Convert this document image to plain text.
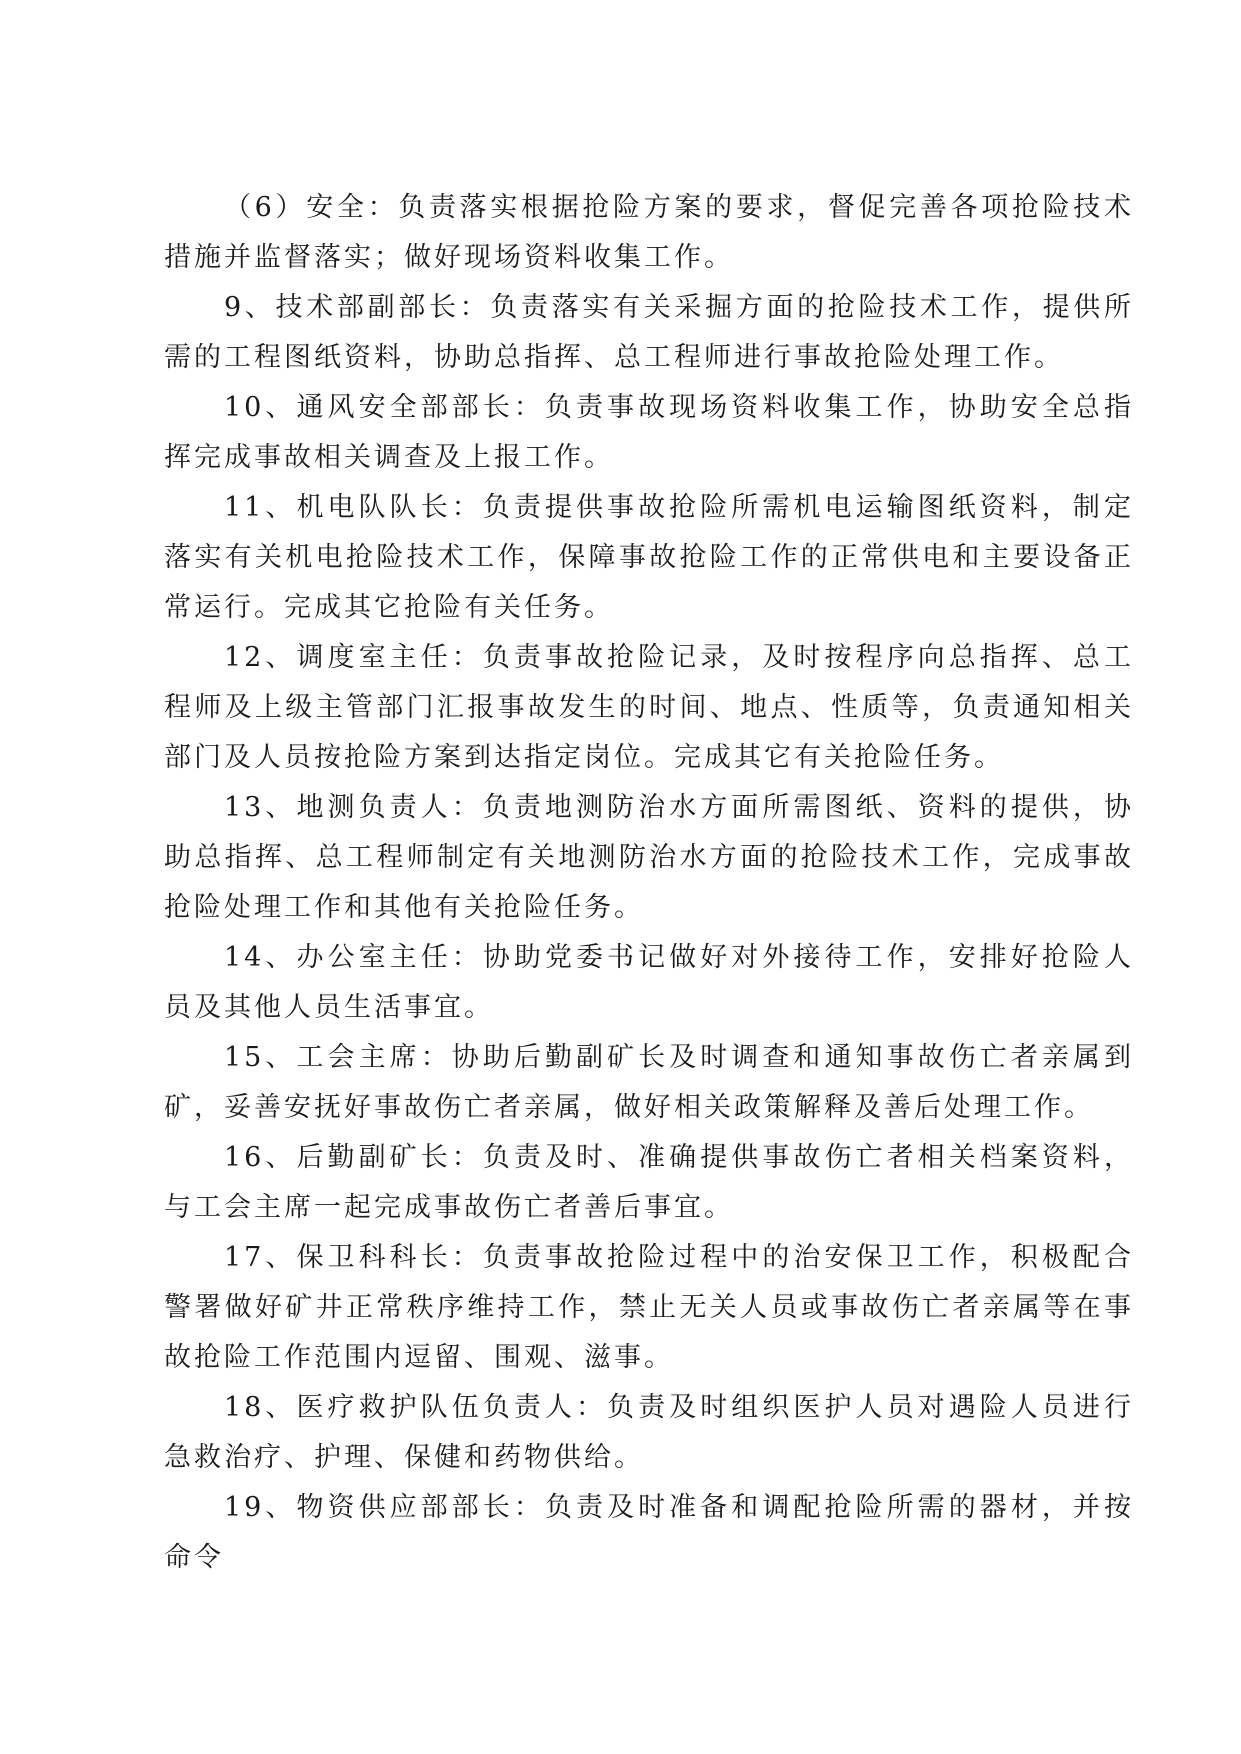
（6）安全：负责落实根据抢险方案的要求，督促完善各项抢险技术措施并监督落实；做好现场资料收集工作。

9、技术部副部长：负责落实有关采掘方面的抢险技术工作，提供所需的工程图纸资料，协助总指挥、总工程师进行事故抢险处理工作。

10、通风安全部部长：负责事故现场资料收集工作，协助安全总指挥完成事故相关调查及上报工作。

11、机电队队长：负责提供事故抢险所需机电运输图纸资料，制定落实有关机电抢险技术工作，保障事故抢险工作的正常供电和主要设备正常运行。完成其它抢险有关任务。

12、调度室主任：负责事故抢险记录，及时按程序向总指挥、总工程师及上级主管部门汇报事故发生的时间、地点、性质等，负责通知相关部门及人员按抢险方案到达指定岗位。完成其它有关抢险任务。

13、地测负责人：负责地测防治水方面所需图纸、资料的提供，协助总指挥、总工程师制定有关地测防治水方面的抢险技术工作，完成事故抢险处理工作和其他有关抢险任务。

14、办公室主任：协助党委书记做好对外接待工作，安排好抢险人员及其他人员生活事宜。

15、工会主席：协助后勤副矿长及时调查和通知事故伤亡者亲属到矿，妥善安抚好事故伤亡者亲属，做好相关政策解释及善后处理工作。

16、后勤副矿长：负责及时、准确提供事故伤亡者相关档案资料，与工会主席一起完成事故伤亡者善后事宜。

17、保卫科科长：负责事故抢险过程中的治安保卫工作，积极配合警署做好矿井正常秩序维持工作，禁止无关人员或事故伤亡者亲属等在事故抢险工作范围内逗留、围观、滋事。

18、医疗救护队伍负责人：负责及时组织医护人员对遇险人员进行急救治疗、护理、保健和药物供给。

19、物资供应部部长：负责及时准备和调配抢险所需的器材，并按命令
